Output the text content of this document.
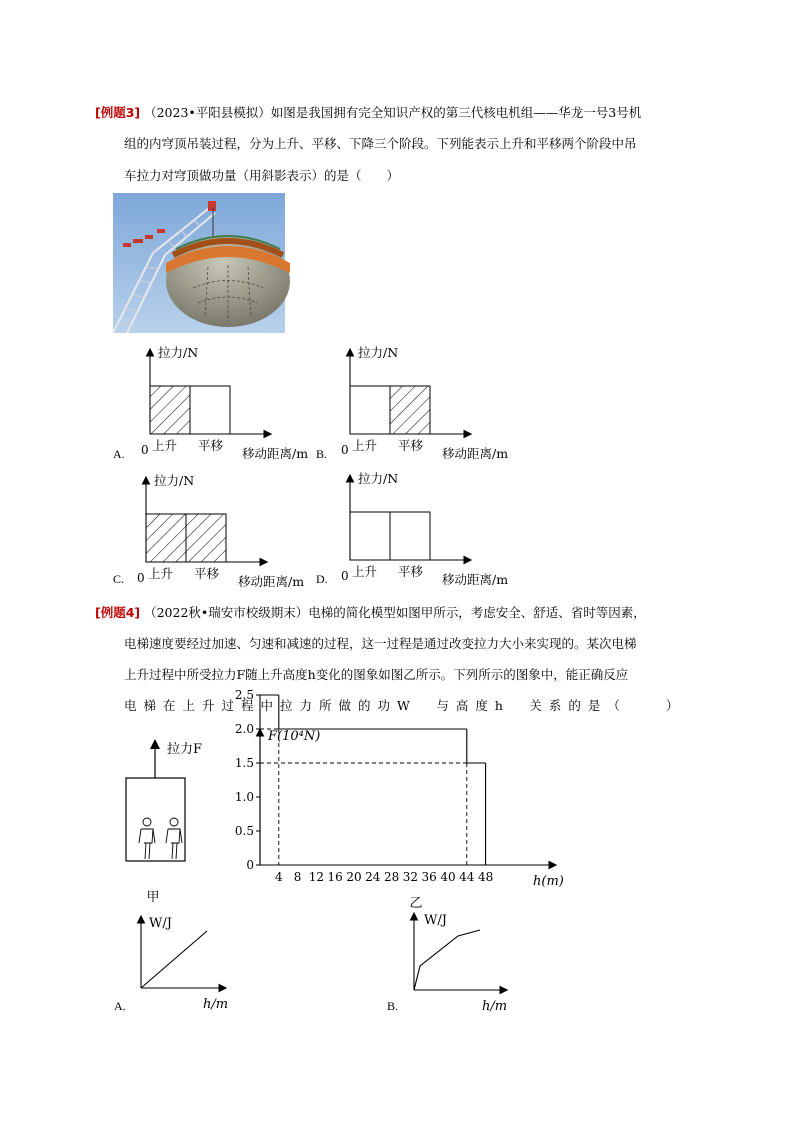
[例题3] （2023•平阳县模拟）如图是我国拥有完全知识产权的第三代核电机组——华龙一号3号机
组的内穹顶吊装过程，分为上升、平移、下降三个阶段。下列能表示上升和平移两个阶段中吊
车拉力对穹顶做功量（用斜影表示）的是（　　）
拉力/N
0 上升 平移
移动距离/m
拉力/N
0 上升 平移
移动距离/m
拉力/N
0 上升 平移
移动距离/m
拉力/N
0 上升 平移
移动距离/m
A.	B.
C.	D.
[例题4] （2022秋•瑞安市校级期末）电梯的简化模型如图甲所示，考虑安全、舒适、省时等因素，
电梯速度要经过加速、匀速和减速的过程，这一过程是通过改变拉力大小来实现的。某次电梯
上升过程中所受拉力F随上升高度h变化的图象如图乙所示。下列所示的图象中，能正确反应
电梯在上升过程中拉力所做的功W　与高度h　关系的是（　　）
拉力F
甲
F(10⁴N)
h(m)
0
0.5
1.0
1.5
2.0
2.5
4 8 12 16 20 24 28 32 36 40 44 48
乙
W/J
h/m
A.
W/J
h/m
B.
